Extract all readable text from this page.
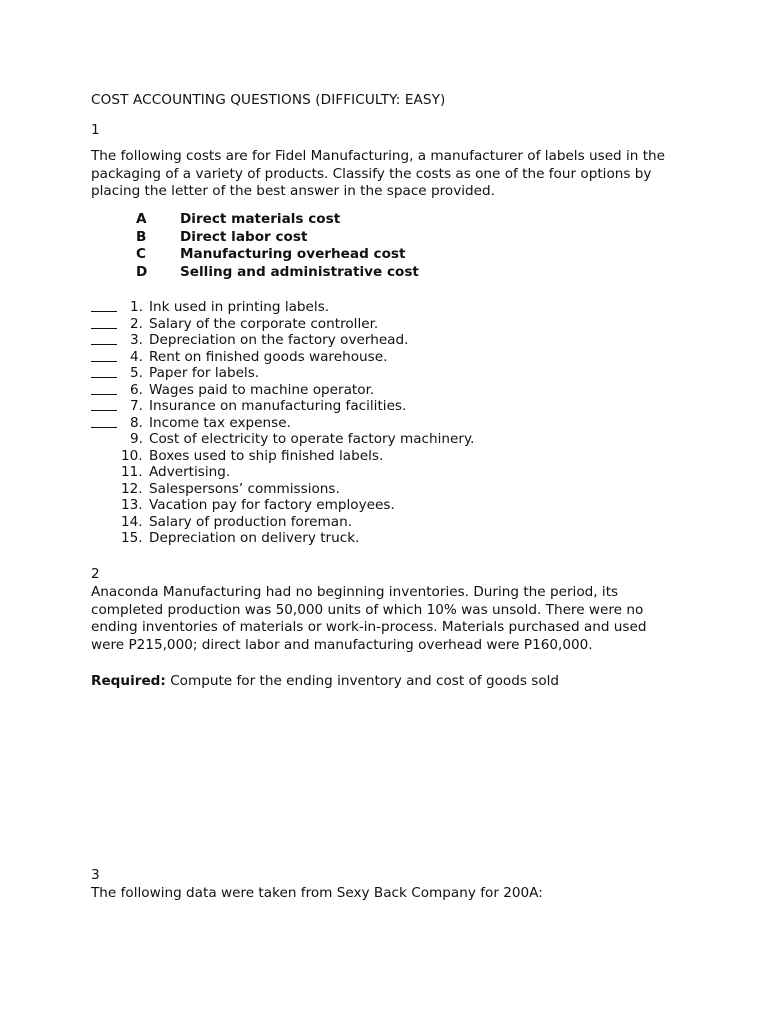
COST ACCOUNTING QUESTIONS (DIFFICULTY: EASY)
1
The following costs are for Fidel Manufacturing, a manufacturer of labels used in the
packaging of a variety of products. Classify the costs as one of the four options by
placing the letter of the best answer in the space provided.
A	Direct materials cost
B	Direct labor cost
C	Manufacturing overhead cost
D	Selling and administrative cost
1. Ink used in printing labels.
2. Salary of the corporate controller.
3. Depreciation on the factory overhead.
4. Rent on finished goods warehouse.
5. Paper for labels.
6. Wages paid to machine operator.
7. Insurance on manufacturing facilities.
8. Income tax expense.
9. Cost of electricity to operate factory machinery.
10. Boxes used to ship finished labels.
11. Advertising.
12. Salespersons’ commissions.
13. Vacation pay for factory employees.
14. Salary of production foreman.
15. Depreciation on delivery truck.
2
Anaconda Manufacturing had no beginning inventories. During the period, its
completed production was 50,000 units of which 10% was unsold. There were no
ending inventories of materials or work-in-process. Materials purchased and used
were P215,000; direct labor and manufacturing overhead were P160,000.
Required: Compute for the ending inventory and cost of goods sold
3
The following data were taken from Sexy Back Company for 200A:
